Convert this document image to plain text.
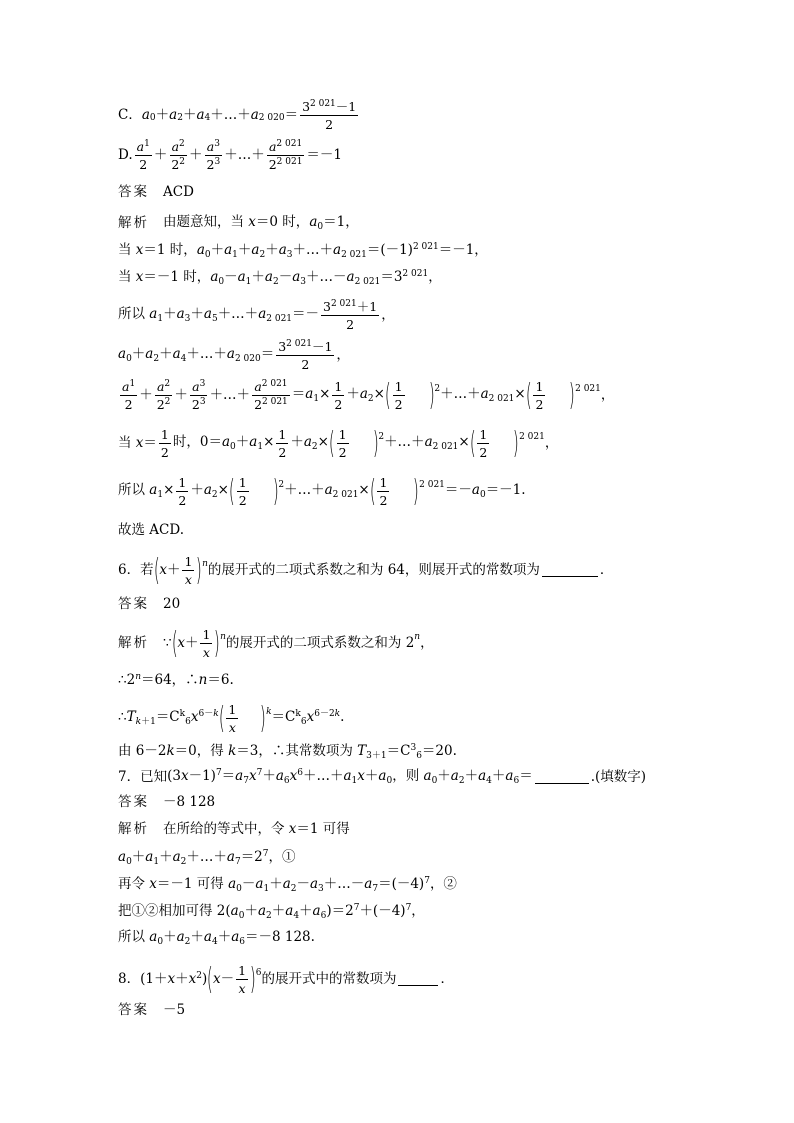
C． a 0 ＋ a 2 ＋ a 4 ＋…＋ a 2 $020 = \frac{3^{2 021}-1}{2}$
D. $\frac{a^1}{2} + \frac{a^2}{2^2} + \frac{a^3}{2^3}$ ＋…＋ $\frac{a^{2 021}}{2^{2 021}} =-1$
答案 ACD
解析 由题意知，当 x＝0 时，$a_0=1$，
当 x＝1 时，$a_0+a_1+a_2+a_3+\dots+a_{2 021}=(-1)^{2 021}=-1$，
当 x＝－1 时，$a_0-a_1+a_2-a_3+\dots-a_{2 021}=3^{2 021}$，
所以 $a_1+a_3+a_5+\dots+a_{2 021}=- \frac{3^{2 021}+1}{2}$ ，
$a_0+a_2+a_4+\dots+a_{2 020}= \frac{3^{2 021}-1}{2}$ ，
$\frac{a^1}{2} + \frac{a^2}{2^2} + \frac{a^3}{2^3}$ ＋…＋ $\frac{a^{2 021}}{2^{2 021}} =a_1\times \frac{1}{2} +a_2\times$ ( $\frac{1}{2}$ ) $2 +\dots+a_{2 021}\times$ ( $\frac{1}{2}$ ) 2 021 ，
当 $x= \frac{1}{2}$ 时，$0=a_0+a_1\times \frac{1}{2} +a_2\times$ ( $\frac{1}{2}$ ) $2 +\dots+a_{2 021}\times$ ( $\frac{1}{2}$ ) 2 021 ，
所以 $a_1\times \frac{1}{2} +a_2\times$ ( $\frac{1}{2}$ ) $2 +\dots+a_{2 021}\times$ ( $\frac{1}{2}$ ) 2 $021 =-a_0=-1$.
故选 ACD.
6．若 ( $x+ \frac{1}{x}$ ) n 的展开式的二项式系数之和为 64，则展开式的常数项为	．
答案 20
解析 ∵ ( $x+ \frac{1}{x}$ ) n 的展开式的二项式系数之和为 2 n ，
$\therefore 2^n=64$，∴n＝6.
$\therefore T_{k+1}=C^k_6x^{6-k}$ ( $\frac{1}{x}$ ) $k =C^k_6x^{6-2k}$.
由 6－2k＝0，得 k＝3，∴其常数项为 $T_{3+1}=C^3_6=20$.
7．已知 $(3x-1)^7=a_7x^7+a_6x^6+\dots+a_1x+a_0$，则 $a_0+a_2+a_4+a_6=$	.(填数字)
答案 －8 128
解析 在所给的等式中，令 x＝1 可得
$a_0+a_1+a_2+\dots+a_7=2^7$，①
再令 x＝－1 可得 $a_0-a_1+a_2-a_3+\dots-a_7=(-4)^7$，②
把①②相加可得 $2(a_0+a_2+a_4+a_6)=2^7+(-4)^7$，
所以 $a_0+a_2+a_4+a_6=-8$ 128.
8． $(1+x+x^2)$ ( $x- \frac{1}{x}$ ) 6 的展开式中的常数项为	．
答案 －5
